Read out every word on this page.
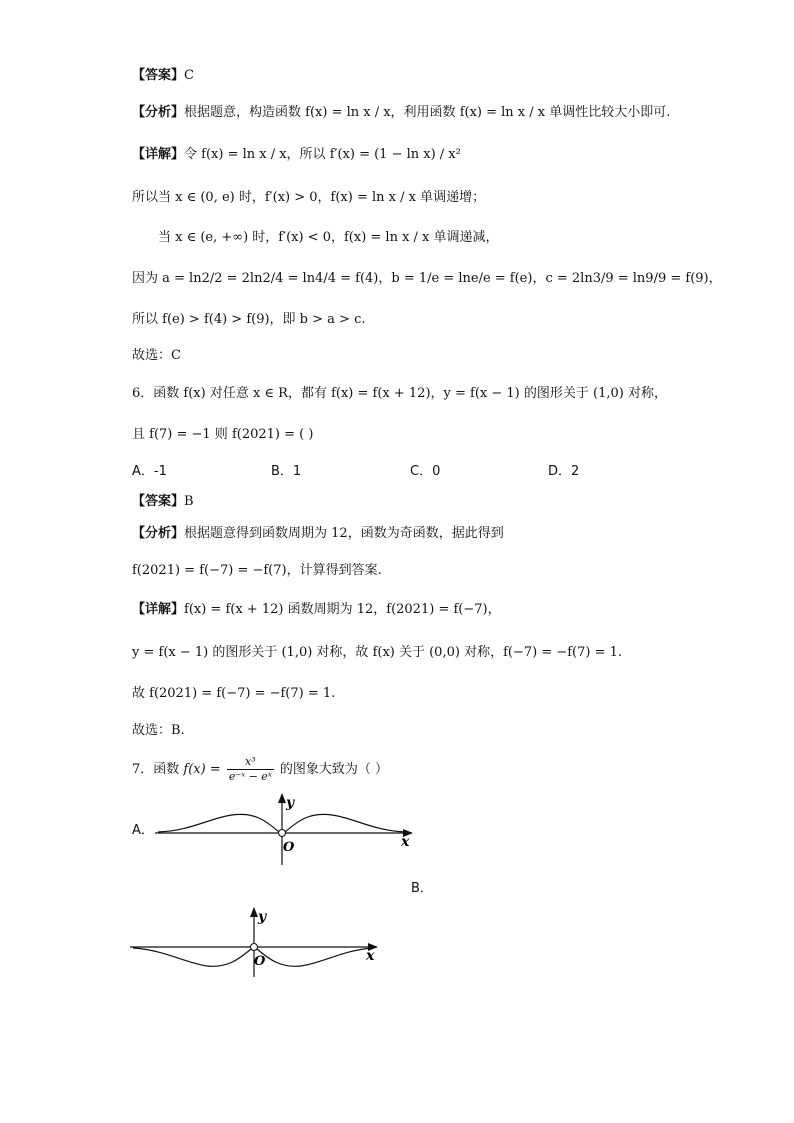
【答案】C
【分析】根据题意，构造函数 f(x) = ln x / x，利用函数 f(x) = ln x / x 单调性比较大小即可.
【详解】令 f(x) = ln x / x，所以 f′(x) = (1 − ln x) / x²
所以当 x ∈ (0, e) 时，f′(x) > 0，f(x) = ln x / x 单调递增；
当 x ∈ (e, +∞) 时，f′(x) < 0，f(x) = ln x / x 单调递减，
因为 a = ln2/2 = 2ln2/4 = ln4/4 = f(4)，b = 1/e = lne/e = f(e)，c = 2ln3/9 = ln9/9 = f(9)，
所以 f(e) > f(4) > f(9)，即 b > a > c.
故选：C
6．函数 f(x) 对任意 x ∈ R，都有 f(x) = f(x + 12)，y = f(x − 1) 的图形关于 (1,0) 对称，
且 f(7) = −1 则 f(2021) = ( )
A．-1	B．1	C．0	D．2
【答案】B
【分析】根据题意得到函数周期为 12，函数为奇函数，据此得到
f(2021) = f(−7) = −f(7)，计算得到答案.
【详解】f(x) = f(x + 12) 函数周期为 12，f(2021) = f(−7)，
y = f(x − 1) 的图形关于 (1,0) 对称，故 f(x) 关于 (0,0) 对称，f(−7) = −f(7) = 1.
故 f(2021) = f(−7) = −f(7) = 1.
故选：B.
7．函数 $f(x) = \frac{\text{x³}}{\text{e⁻ˣ − eˣ}}$ 的图象大致为（ ）
A．
y
x
O
B．
y
x
O
